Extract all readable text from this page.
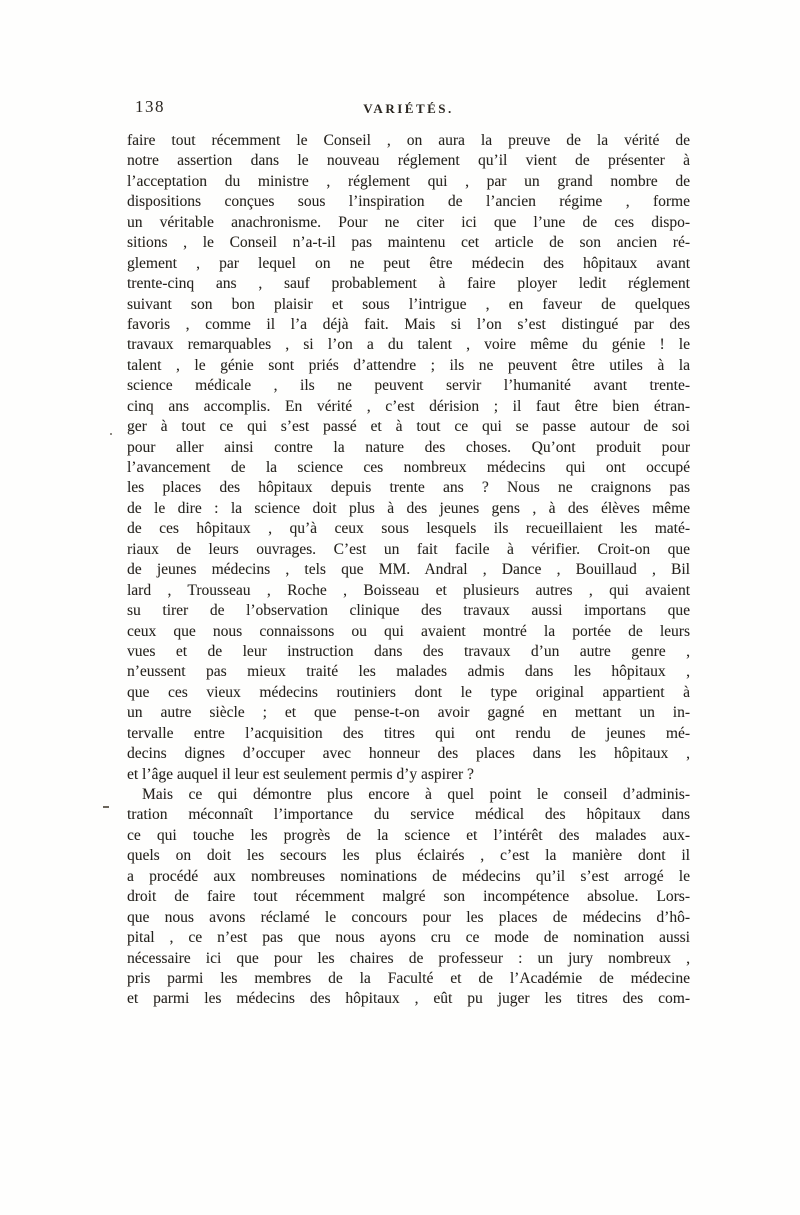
138	VARIÉTÉS.
faire tout récemment le Conseil , on aura la preuve de la vérité de
notre assertion dans le nouveau réglement qu’il vient de présenter à
l’acceptation du ministre , réglement qui , par un grand nombre de
dispositions conçues sous l’inspiration de l’ancien régime , forme
un véritable anachronisme. Pour ne citer ici que l’une de ces dispo-
sitions , le Conseil n’a-t-il pas maintenu cet article de son ancien ré-
glement , par lequel on ne peut être médecin des hôpitaux avant
trente-cinq ans , sauf probablement à faire ployer ledit réglement
suivant son bon plaisir et sous l’intrigue , en faveur de quelques
favoris , comme il l’a déjà fait. Mais si l’on s’est distingué par des
travaux remarquables , si l’on a du talent , voire même du génie ! le
talent , le génie sont priés d’attendre ; ils ne peuvent être utiles à la
science médicale , ils ne peuvent servir l’humanité avant trente-
cinq ans accomplis. En vérité , c’est dérision ; il faut être bien étran-
ger à tout ce qui s’est passé et à tout ce qui se passe autour de soi
pour aller ainsi contre la nature des choses. Qu’ont produit pour
l’avancement de la science ces nombreux médecins qui ont occupé
les places des hôpitaux depuis trente ans ? Nous ne craignons pas
de le dire : la science doit plus à des jeunes gens , à des élèves même
de ces hôpitaux , qu’à ceux sous lesquels ils recueillaient les maté-
riaux de leurs ouvrages. C’est un fait facile à vérifier. Croit-on que
de jeunes médecins , tels que MM. Andral , Dance , Bouillaud , Bil
lard , Trousseau , Roche , Boisseau et plusieurs autres , qui avaient
su tirer de l’observation clinique des travaux aussi importans que
ceux que nous connaissons ou qui avaient montré la portée de leurs
vues et de leur instruction dans des travaux d’un autre genre ,
n’eussent pas mieux traité les malades admis dans les hôpitaux ,
que ces vieux médecins routiniers dont le type original appartient à
un autre siècle ; et que pense-t-on avoir gagné en mettant un in-
tervalle entre l’acquisition des titres qui ont rendu de jeunes mé-
decins dignes d’occuper avec honneur des places dans les hôpitaux ,
et l’âge auquel il leur est seulement permis d’y aspirer ?
Mais ce qui démontre plus encore à quel point le conseil d’adminis-
tration méconnaît l’importance du service médical des hôpitaux dans
ce qui touche les progrès de la science et l’intérêt des malades aux-
quels on doit les secours les plus éclairés , c’est la manière dont il
a procédé aux nombreuses nominations de médecins qu’il s’est arrogé le
droit de faire tout récemment malgré son incompétence absolue. Lors-
que nous avons réclamé le concours pour les places de médecins d’hô-
pital , ce n’est pas que nous ayons cru ce mode de nomination aussi
nécessaire ici que pour les chaires de professeur : un jury nombreux ,
pris parmi les membres de la Faculté et de l’Académie de médecine
et parmi les médecins des hôpitaux , eût pu juger les titres des com-
